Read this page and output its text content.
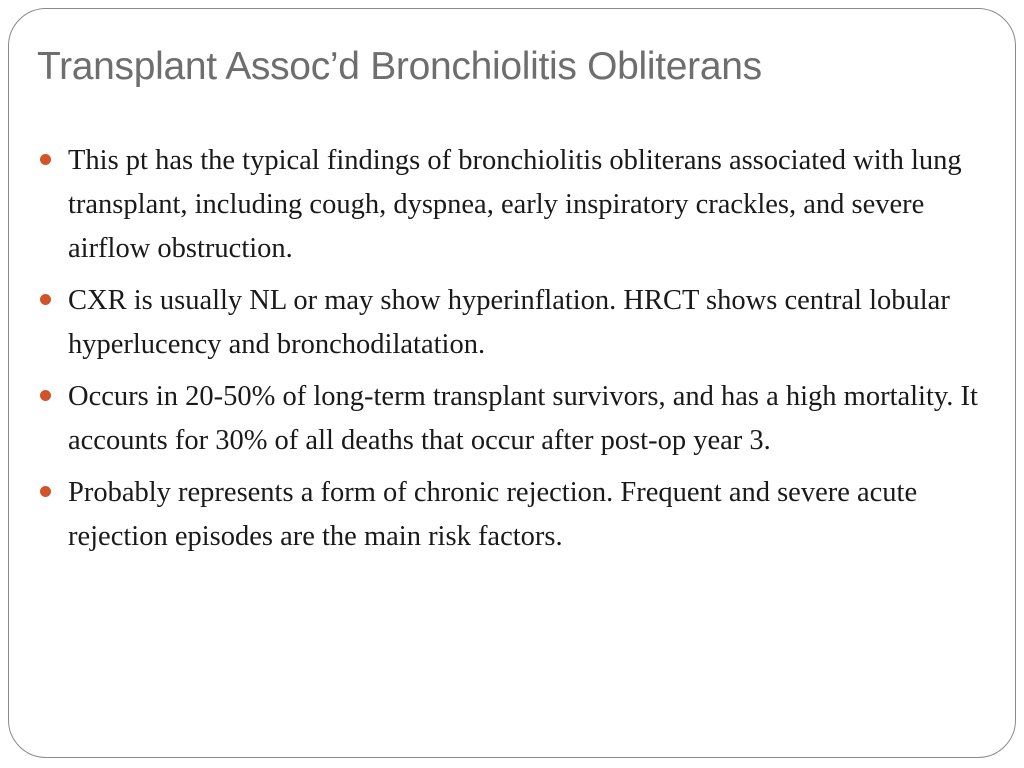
Transplant Assoc’d Bronchiolitis Obliterans
This pt has the typical findings of bronchiolitis obliterans associated with lung transplant, including cough, dyspnea, early inspiratory crackles, and severe airflow obstruction.
CXR is usually NL or may show hyperinflation. HRCT shows central lobular hyperlucency and bronchodilatation.
Occurs in 20-50% of long-term transplant survivors, and has a high mortality. It accounts for 30% of all deaths that occur after post-op year 3.
Probably represents a form of chronic rejection. Frequent and severe acute rejection episodes are the main risk factors.
